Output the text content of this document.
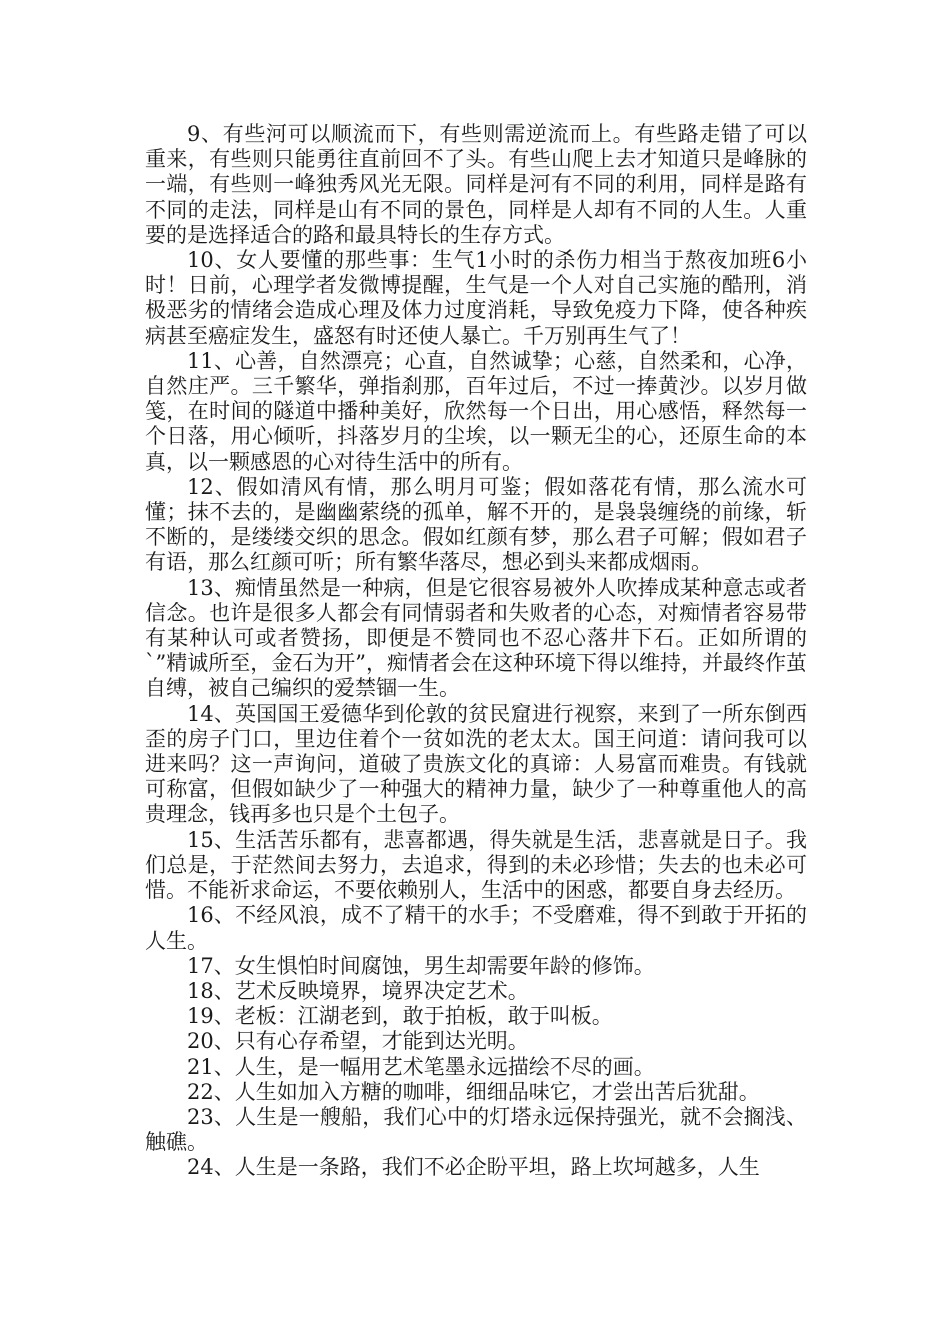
9、有些河可以顺流而下，有些则需逆流而上。有些路走错了可以重来，有些则只能勇往直前回不了头。有些山爬上去才知道只是峰脉的一端，有些则一峰独秀风光无限。同样是河有不同的利用，同样是路有不同的走法，同样是山有不同的景色，同样是人却有不同的人生。人重要的是选择适合的路和最具特长的生存方式。

10、女人要懂的那些事：生气1小时的杀伤力相当于熬夜加班6小时！日前，心理学者发微博提醒，生气是一个人对自己实施的酷刑，消极恶劣的情绪会造成心理及体力过度消耗，导致免疫力下降，使各种疾病甚至癌症发生，盛怒有时还使人暴亡。千万别再生气了！

11、心善，自然漂亮；心直，自然诚挚；心慈，自然柔和，心净，自然庄严。三千繁华，弹指刹那，百年过后，不过一捧黄沙。以岁月做笺，在时间的隧道中播种美好，欣然每一个日出，用心感悟，释然每一个日落，用心倾听，抖落岁月的尘埃，以一颗无尘的心，还原生命的本真，以一颗感恩的心对待生活中的所有。

12、假如清风有情，那么明月可鉴；假如落花有情，那么流水可懂；抹不去的，是幽幽萦绕的孤单，解不开的，是袅袅缠绕的前缘，斩不断的，是缕缕交织的思念。假如红颜有梦，那么君子可解；假如君子有语，那么红颜可听；所有繁华落尽，想必到头来都成烟雨。

13、痴情虽然是一种病，但是它很容易被外人吹捧成某种意志或者信念。也许是很多人都会有同情弱者和失败者的心态，对痴情者容易带有某种认可或者赞扬，即便是不赞同也不忍心落井下石。正如所谓的`”精诚所至，金石为开”，痴情者会在这种环境下得以维持，并最终作茧自缚，被自己编织的爱禁锢一生。

14、英国国王爱德华到伦敦的贫民窟进行视察，来到了一所东倒西歪的房子门口，里边住着个一贫如洗的老太太。国王问道：请问我可以进来吗？这一声询问，道破了贵族文化的真谛：人易富而难贵。有钱就可称富，但假如缺少了一种强大的精神力量，缺少了一种尊重他人的高贵理念，钱再多也只是个土包子。

15、生活苦乐都有，悲喜都遇，得失就是生活，悲喜就是日子。我们总是，于茫然间去努力，去追求，得到的未必珍惜；失去的也未必可惜。不能祈求命运，不要依赖别人，生活中的困惑，都要自身去经历。

16、不经风浪，成不了精干的水手；不受磨难，得不到敢于开拓的人生。

17、女生惧怕时间腐蚀，男生却需要年龄的修饰。

18、艺术反映境界，境界决定艺术。

19、老板：江湖老到，敢于拍板，敢于叫板。

20、只有心存希望，才能到达光明。

21、人生，是一幅用艺术笔墨永远描绘不尽的画。

22、人生如加入方糖的咖啡，细细品味它，才尝出苦后犹甜。

23、人生是一艘船，我们心中的灯塔永远保持强光，就不会搁浅、触礁。

24、人生是一条路，我们不必企盼平坦，路上坎坷越多，人生
